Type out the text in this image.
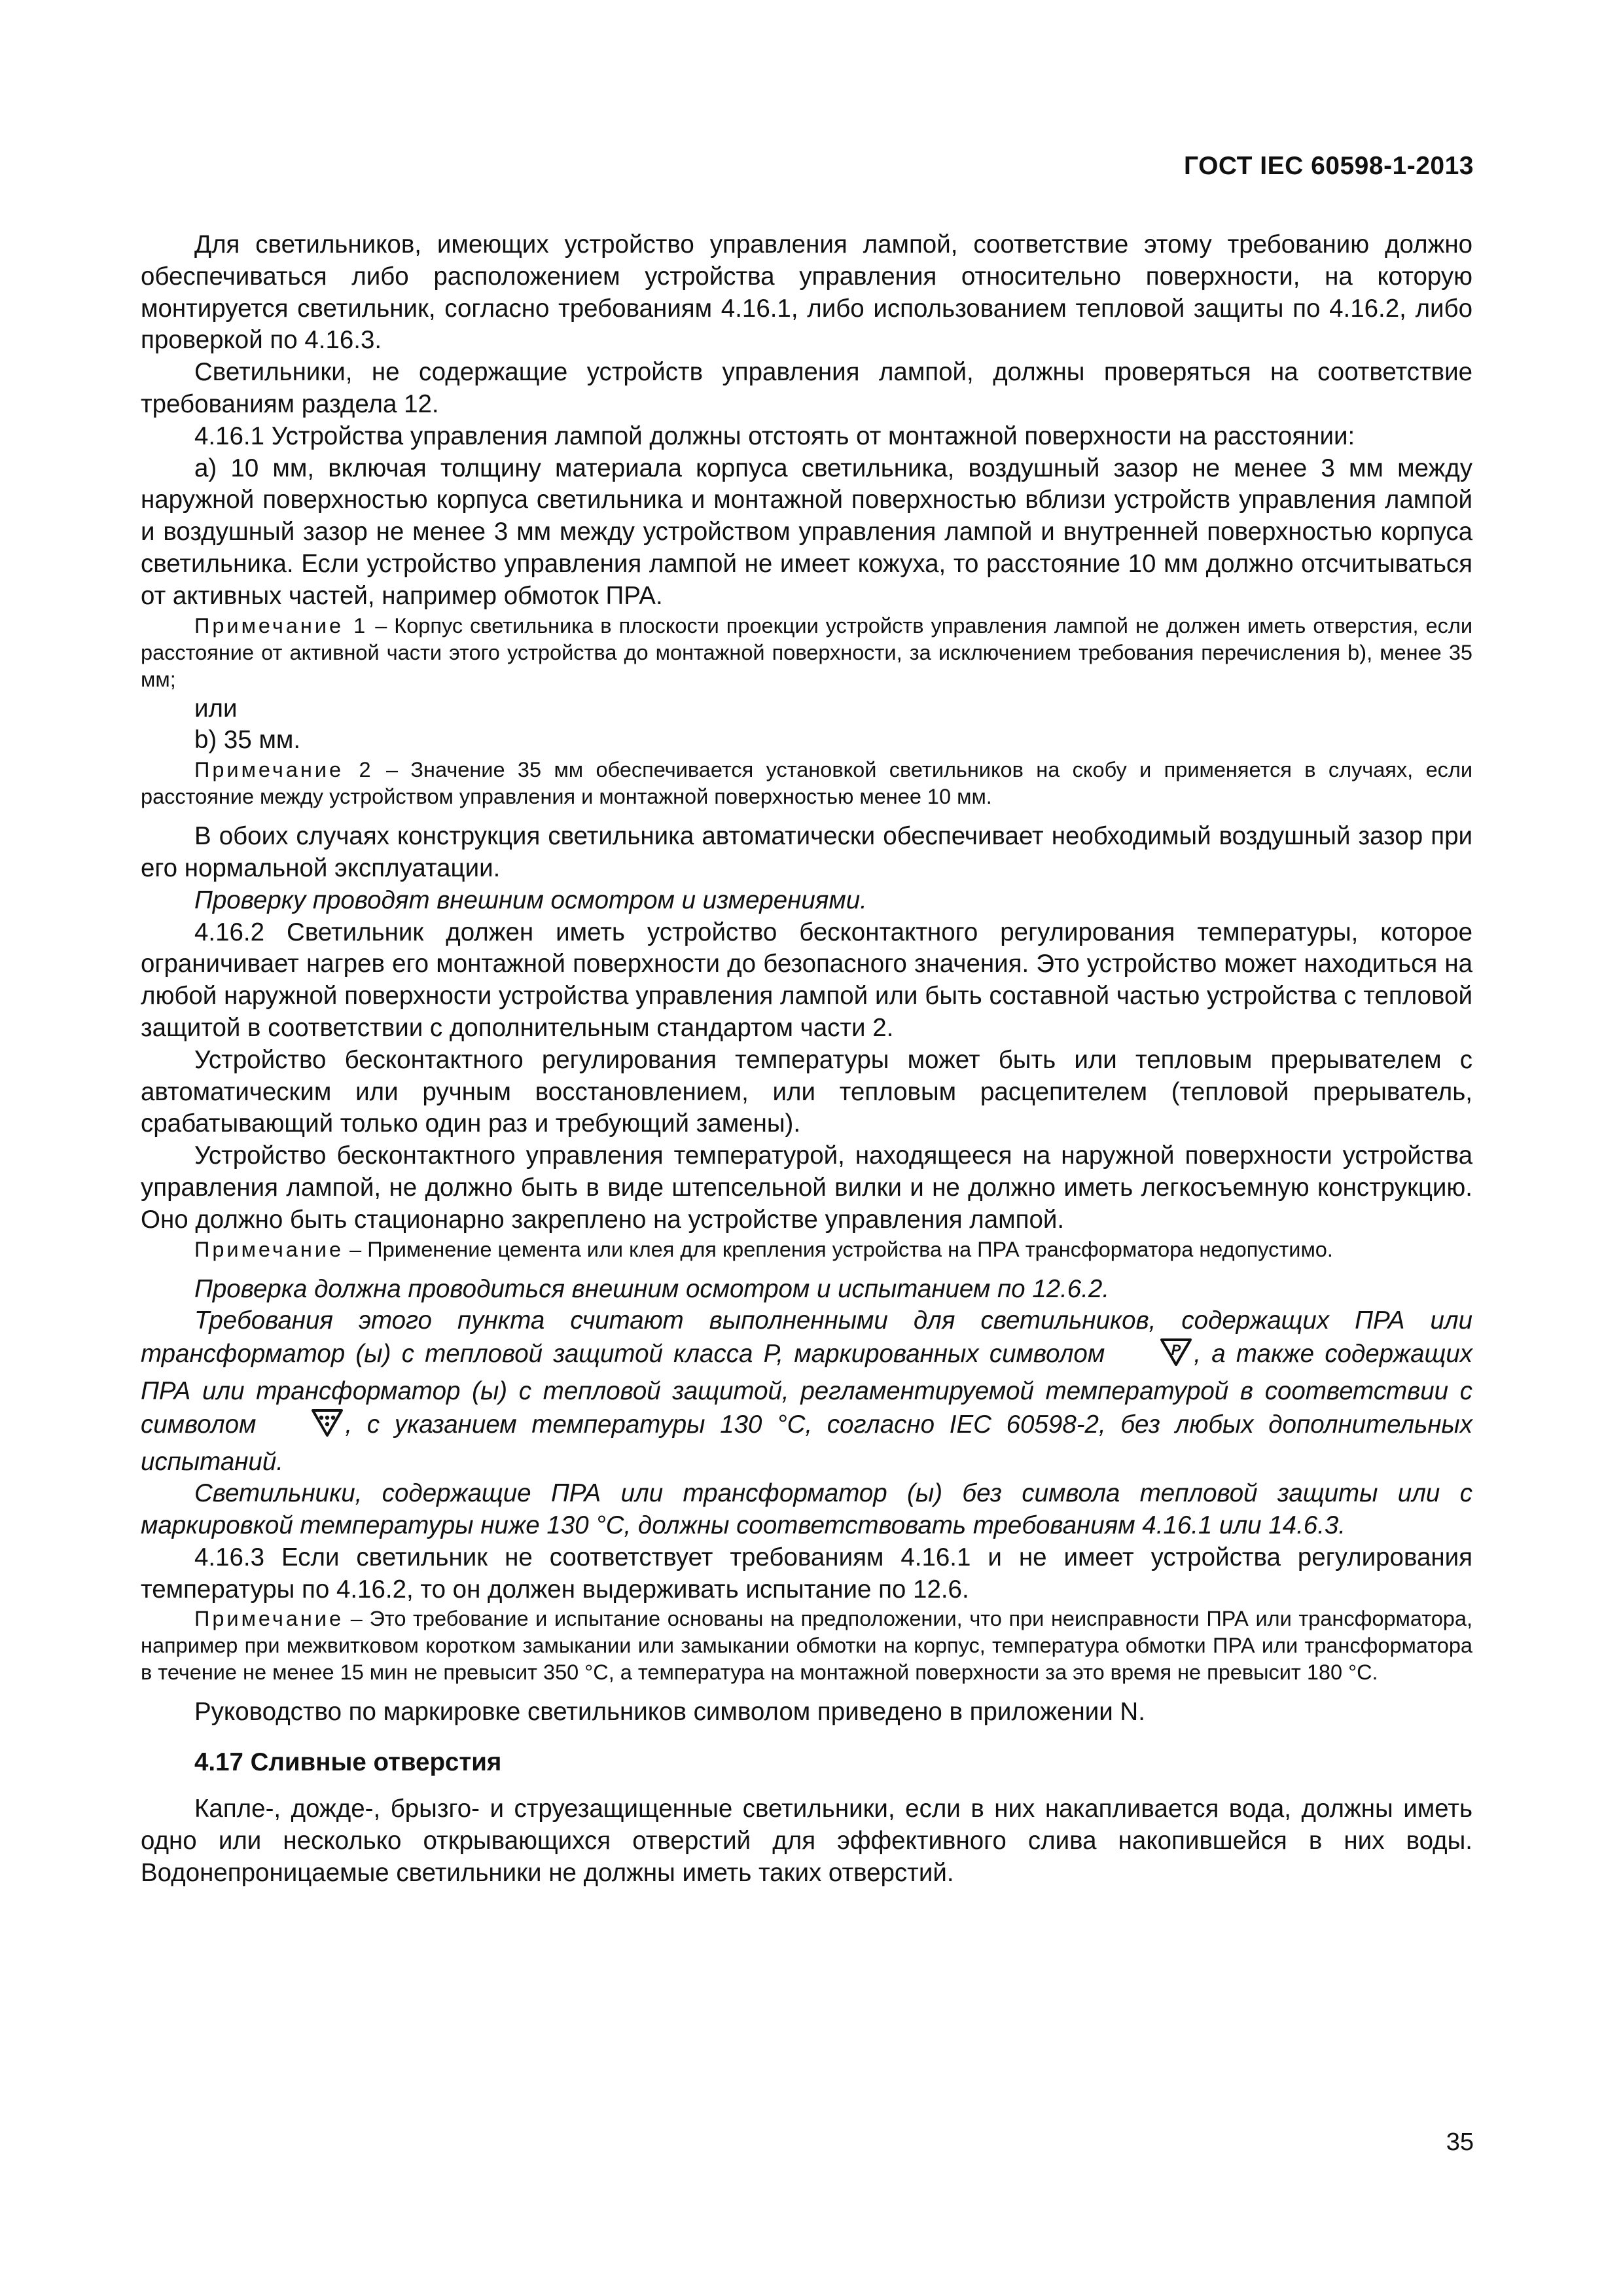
ГОСТ IEC 60598-1-2013

Для светильников, имеющих устройство управления лампой, соответствие этому требованию должно обеспечиваться либо расположением устройства управления относительно поверхности, на которую монтируется светильник, согласно требованиям 4.16.1, либо использованием тепловой защиты по 4.16.2, либо проверкой по 4.16.3.

Светильники, не содержащие устройств управления лампой, должны проверяться на соответствие требованиям раздела 12.

4.16.1 Устройства управления лампой должны отстоять от монтажной поверхности на расстоянии:

a) 10 мм, включая толщину материала корпуса светильника, воздушный зазор не менее 3 мм между наружной поверхностью корпуса светильника и монтажной поверхностью вблизи устройств управления лампой и воздушный зазор не менее 3 мм между устройством управления лампой и внутренней поверхностью корпуса светильника. Если устройство управления лампой не имеет кожуха, то расстояние 10 мм должно отсчитываться от активных частей, например обмоток ПРА.

Примечание 1 – Корпус светильника в плоскости проекции устройств управления лампой не должен иметь отверстия, если расстояние от активной части этого устройства до монтажной поверхности, за исключением требования перечисления b), менее 35 мм;

или

b) 35 мм.

Примечание 2 – Значение 35 мм обеспечивается установкой светильников на скобу и применяется в случаях, если расстояние между устройством управления и монтажной поверхностью менее 10 мм.

В обоих случаях конструкция светильника автоматически обеспечивает необходимый воздушный зазор при его нормальной эксплуатации.

Проверку проводят внешним осмотром и измерениями.

4.16.2 Светильник должен иметь устройство бесконтактного регулирования температуры, которое ограничивает нагрев его монтажной поверхности до безопасного значения. Это устройство может находиться на любой наружной поверхности устройства управления лампой или быть составной частью устройства с тепловой защитой в соответствии с дополнительным стандартом части 2.

Устройство бесконтактного регулирования температуры может быть или тепловым прерывателем с автоматическим или ручным восстановлением, или тепловым расцепителем (тепловой прерыватель, срабатывающий только один раз и требующий замены).

Устройство бесконтактного управления температурой, находящееся на наружной поверхности устройства управления лампой, не должно быть в виде штепсельной вилки и не должно иметь легкосъемную конструкцию. Оно должно быть стационарно закреплено на устройстве управления лампой.

Примечание – Применение цемента или клея для крепления устройства на ПРА трансформатора недопустимо.

Проверка должна проводиться внешним осмотром и испытанием по 12.6.2.

Требования этого пункта считают выполненными для светильников, содержащих ПРА или трансформатор (ы) с тепловой защитой класса Р, маркированных символом	P , а также содержащих ПРА или трансформатор (ы) с тепловой защитой, регламентируемой температурой в соответствии с символом	, с указанием температуры 130 °С, согласно IEC 60598-2, без любых дополнительных испытаний.

Светильники, содержащие ПРА или трансформатор (ы) без символа тепловой защиты или с маркировкой температуры ниже 130 °С, должны соответствовать требованиям 4.16.1 или 14.6.3.

4.16.3 Если светильник не соответствует требованиям 4.16.1 и не имеет устройства регулирования температуры по 4.16.2, то он должен выдерживать испытание по 12.6.

Примечание – Это требование и испытание основаны на предположении, что при неисправности ПРА или трансформатора, например при межвитковом коротком замыкании или замыкании обмотки на корпус, температура обмотки ПРА или трансформатора в течение не менее 15 мин не превысит 350 °С, а температура на монтажной поверхности за это время не превысит 180 °С.

Руководство по маркировке светильников символом приведено в приложении N.

4.17 Сливные отверстия

Капле-, дожде-, брызго- и струезащищенные светильники, если в них накапливается вода, должны иметь одно или несколько открывающихся отверстий для эффективного слива накопившейся в них воды. Водонепроницаемые светильники не должны иметь таких отверстий.

35
